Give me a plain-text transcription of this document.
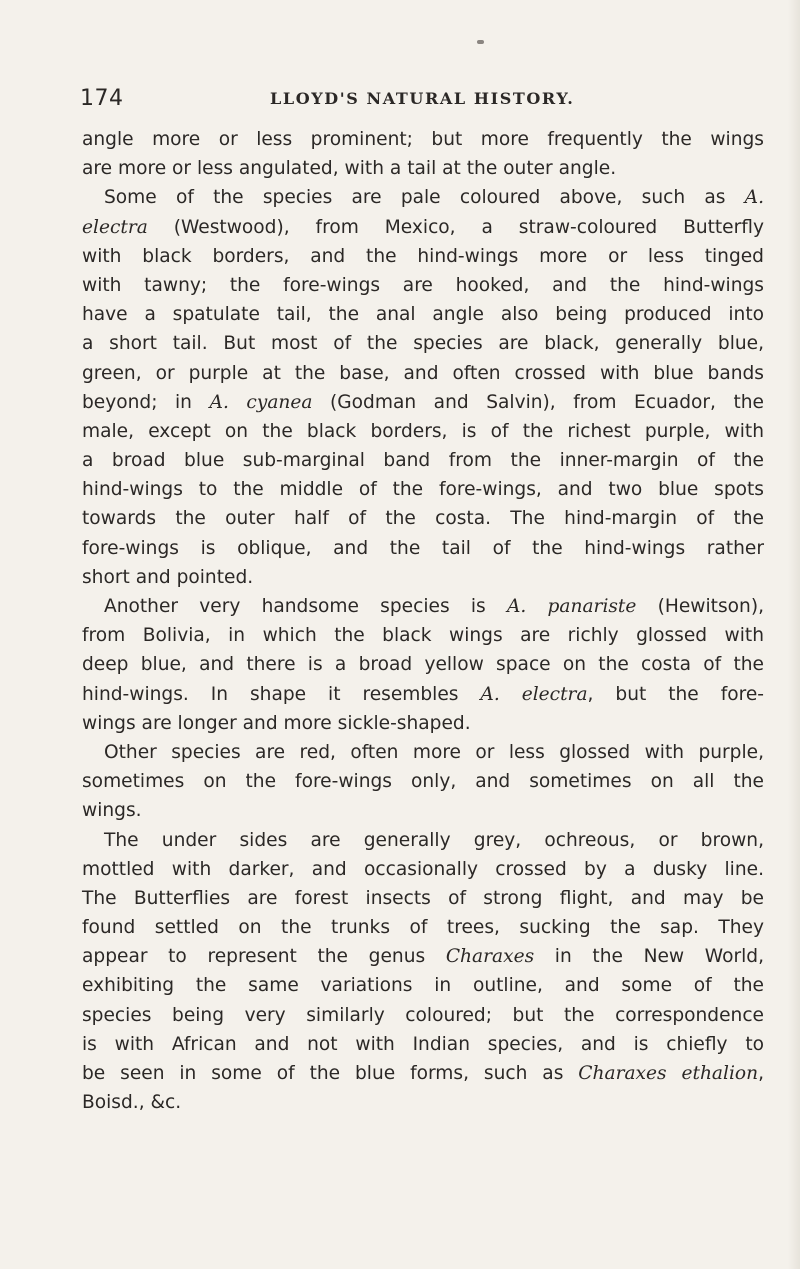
174	LLOYD'S NATURAL HISTORY.
angle more or less prominent; but more frequently the wings
are more or less angulated, with a tail at the outer angle.
Some of the species are pale coloured above, such as A.
electra (Westwood), from Mexico, a straw-coloured Butterfly
with black borders, and the hind-wings more or less tinged
with tawny; the fore-wings are hooked, and the hind-wings
have a spatulate tail, the anal angle also being produced into
a short tail. But most of the species are black, generally blue,
green, or purple at the base, and often crossed with blue bands
beyond; in A. cyanea (Godman and Salvin), from Ecuador, the
male, except on the black borders, is of the richest purple, with
a broad blue sub-marginal band from the inner-margin of the
hind-wings to the middle of the fore-wings, and two blue spots
towards the outer half of the costa. The hind-margin of the
fore-wings is oblique, and the tail of the hind-wings rather
short and pointed.
Another very handsome species is A. panariste (Hewitson),
from Bolivia, in which the black wings are richly glossed with
deep blue, and there is a broad yellow space on the costa of the
hind-wings. In shape it resembles A. electra, but the fore-
wings are longer and more sickle-shaped.
Other species are red, often more or less glossed with purple,
sometimes on the fore-wings only, and sometimes on all the
wings.
The under sides are generally grey, ochreous, or brown,
mottled with darker, and occasionally crossed by a dusky line.
The Butterflies are forest insects of strong flight, and may be
found settled on the trunks of trees, sucking the sap. They
appear to represent the genus Charaxes in the New World,
exhibiting the same variations in outline, and some of the
species being very similarly coloured; but the correspondence
is with African and not with Indian species, and is chiefly to
be seen in some of the blue forms, such as Charaxes ethalion,
Boisd., &c.
